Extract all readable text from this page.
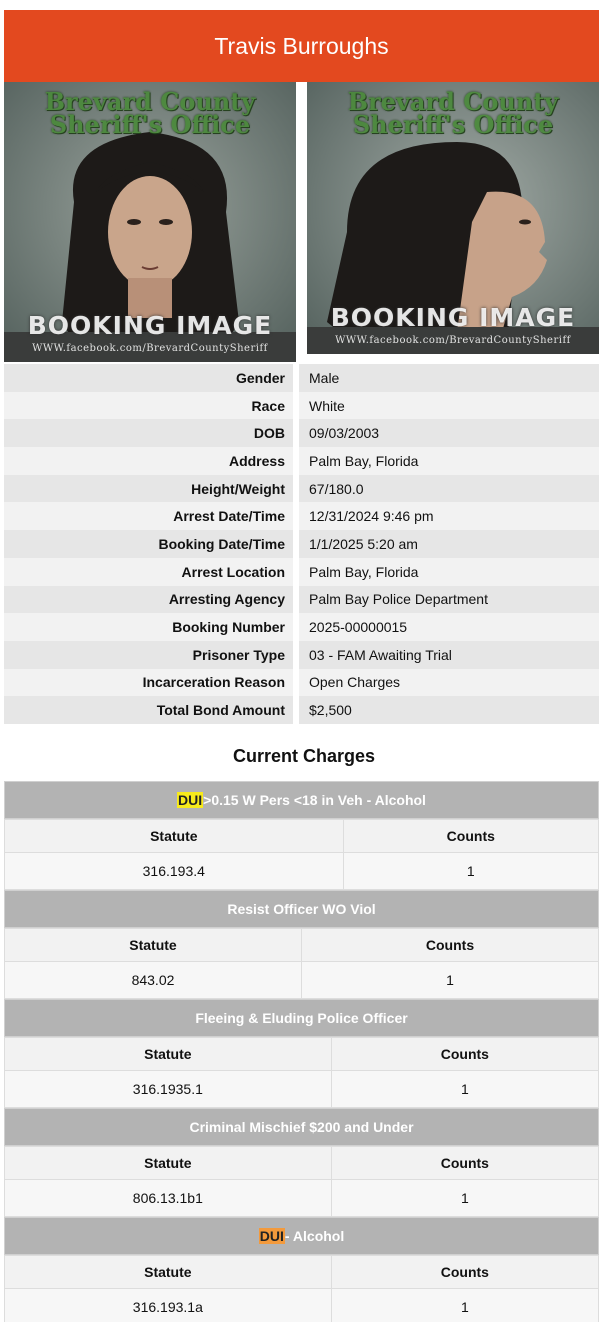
Travis Burroughs
Brevard County
Sheriff's Office
BOOKING IMAGE
WWW.facebook.com/BrevardCountySheriff
Brevard County
Sheriff's Office
BOOKING IMAGE
WWW.facebook.com/BrevardCountySheriff
Gender	Male
Race	White
DOB	09/03/2003
Address	Palm Bay, Florida
Height/Weight	67/180.0
Arrest Date/Time	12/31/2024 9:46 pm
Booking Date/Time	1/1/2025 5:20 am
Arrest Location	Palm Bay, Florida
Arresting Agency	Palm Bay Police Department
Booking Number	2025-00000015
Prisoner Type	03 - FAM Awaiting Trial
Incarceration Reason	Open Charges
Total Bond Amount	$2,500
Current Charges
DUI >0.15 W Pers <18 in Veh - Alcohol
Statute	Counts
316.193.4	1
Resist Officer WO Viol
Statute	Counts
843.02	1
Fleeing & Eluding Police Officer
Statute	Counts
316.1935.1	1
Criminal Mischief $200 and Under
Statute	Counts
806.13.1b1	1
DUI - Alcohol
Statute	Counts
316.193.1a	1
